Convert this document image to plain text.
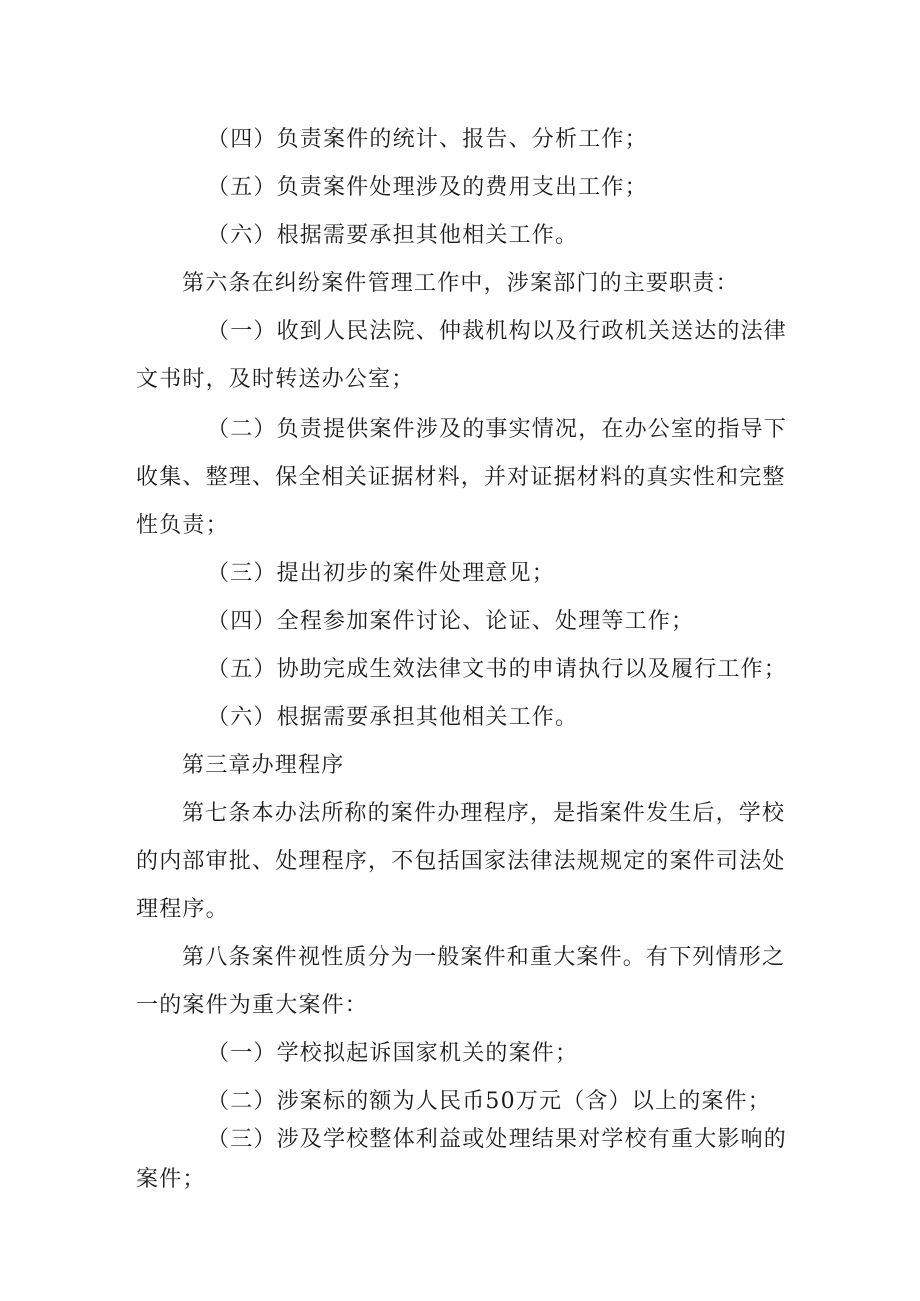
（四）负责案件的统计、报告、分析工作；
（五）负责案件处理涉及的费用支出工作；
（六）根据需要承担其他相关工作。
第六条在纠纷案件管理工作中，涉案部门的主要职责：
（一）收到人民法院、仲裁机构以及行政机关送达的法律
文书时，及时转送办公室；
（二）负责提供案件涉及的事实情况，在办公室的指导下
收集、整理、保全相关证据材料，并对证据材料的真实性和完整
性负责；
（三）提出初步的案件处理意见；
（四）全程参加案件讨论、论证、处理等工作；
（五）协助完成生效法律文书的申请执行以及履行工作；
（六）根据需要承担其他相关工作。
第三章办理程序
第七条本办法所称的案件办理程序，是指案件发生后，学校
的内部审批、处理程序，不包括国家法律法规规定的案件司法处
理程序。
第八条案件视性质分为一般案件和重大案件。有下列情形之
一的案件为重大案件：
（一）学校拟起诉国家机关的案件；
（二）涉案标的额为人民币50万元（含）以上的案件；
（三）涉及学校整体利益或处理结果对学校有重大影响的
案件；
